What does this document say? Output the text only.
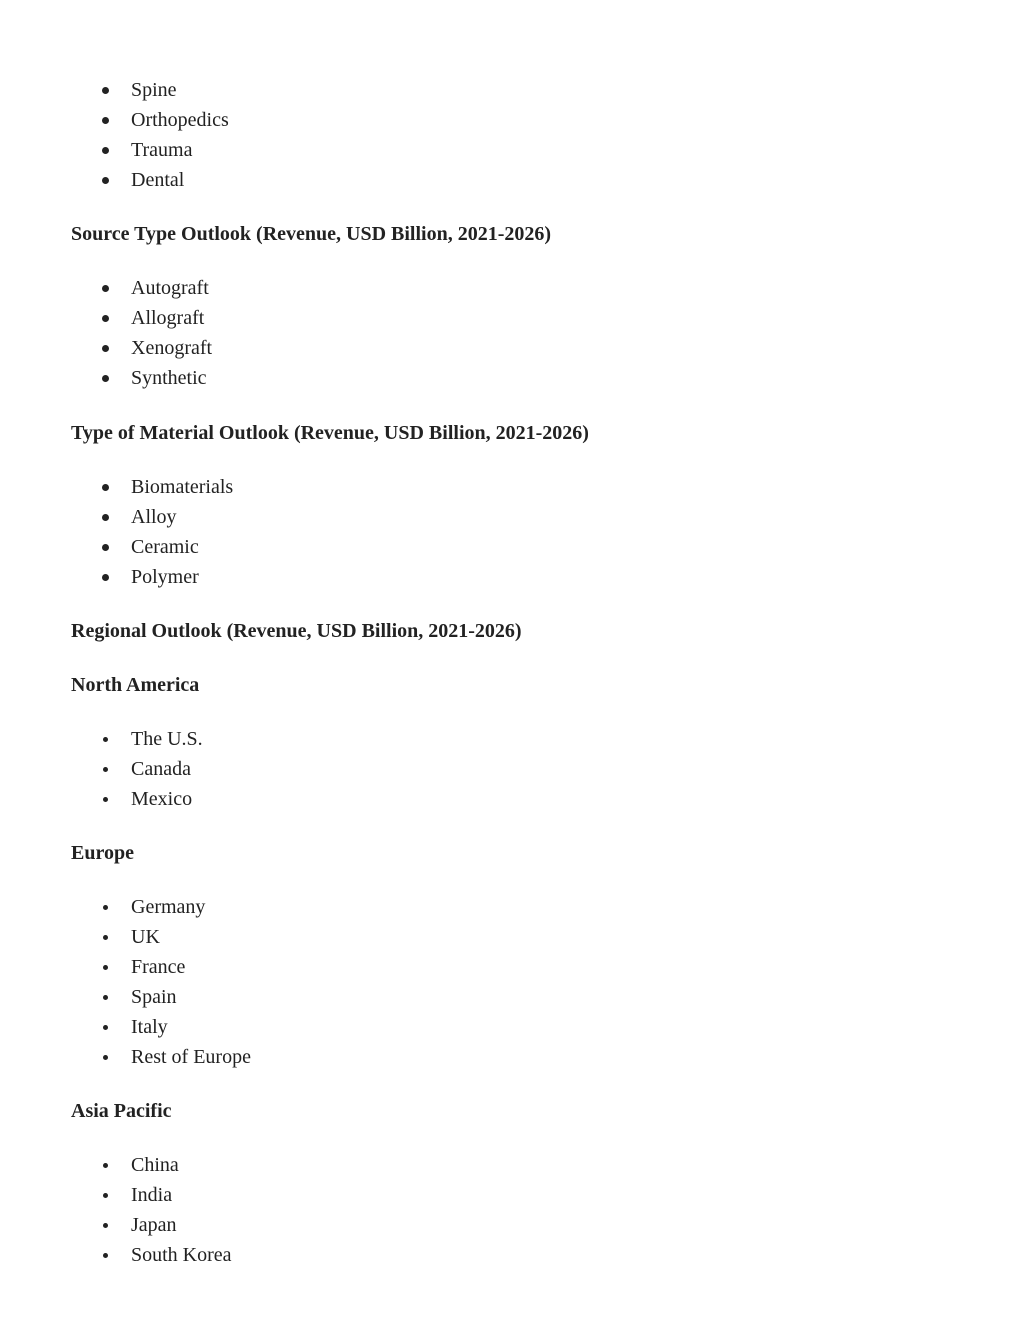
Spine
Orthopedics
Trauma
Dental
Source Type Outlook (Revenue, USD Billion, 2021-2026)
Autograft
Allograft
Xenograft
Synthetic
Type of Material Outlook (Revenue, USD Billion, 2021-2026)
Biomaterials
Alloy
Ceramic
Polymer
Regional Outlook (Revenue, USD Billion, 2021-2026)
North America
The U.S.
Canada
Mexico
Europe
Germany
UK
France
Spain
Italy
Rest of Europe
Asia Pacific
China
India
Japan
South Korea
